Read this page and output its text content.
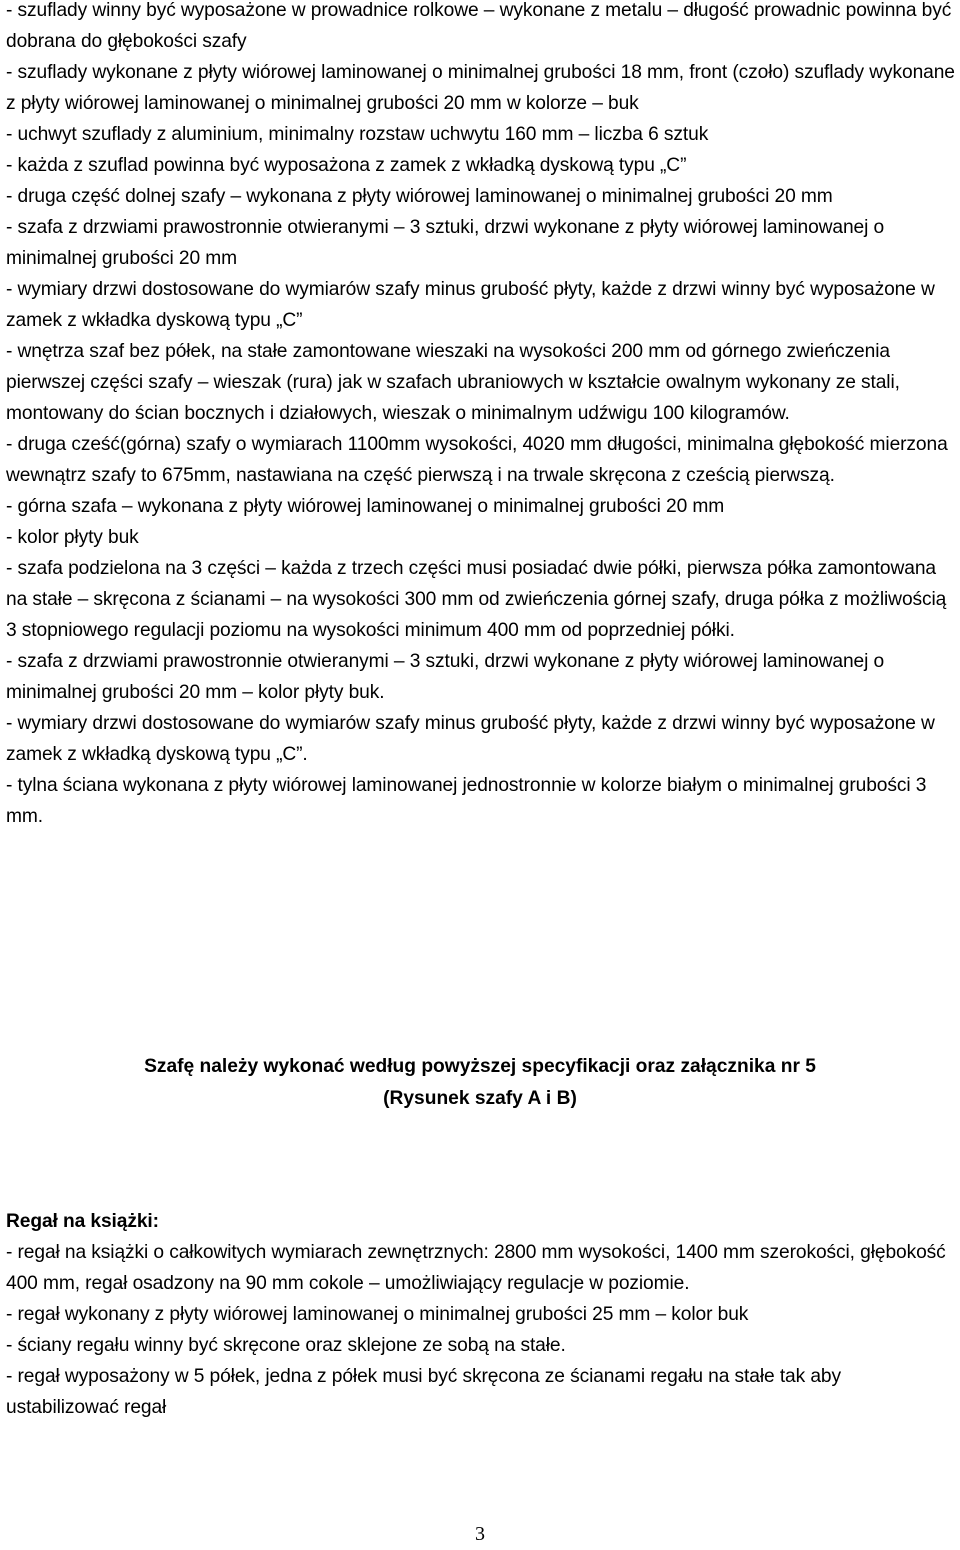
- szuflady winny być wyposażone w prowadnice rolkowe – wykonane z metalu – długość prowadnic powinna być dobrana do głębokości szafy

- szuflady wykonane z płyty wiórowej laminowanej o minimalnej grubości 18 mm, front (czoło) szuflady wykonane z płyty wiórowej laminowanej o minimalnej grubości 20 mm w kolorze – buk

- uchwyt szuflady z aluminium, minimalny rozstaw uchwytu 160 mm – liczba 6 sztuk

- każda z szuflad powinna być wyposażona z zamek z wkładką dyskową typu „C”

- druga część dolnej szafy – wykonana z płyty wiórowej laminowanej o minimalnej grubości 20 mm

- szafa z drzwiami prawostronnie otwieranymi – 3 sztuki, drzwi wykonane z płyty wiórowej laminowanej o minimalnej grubości 20 mm

- wymiary drzwi dostosowane do wymiarów szafy minus grubość płyty, każde z drzwi winny być wyposażone w zamek z wkładka dyskową typu „C”

- wnętrza szaf bez półek, na stałe zamontowane wieszaki na wysokości 200 mm od górnego zwieńczenia pierwszej części szafy – wieszak (rura) jak w szafach ubraniowych w kształcie owalnym wykonany ze stali, montowany do ścian bocznych i działowych, wieszak o minimalnym udźwigu 100 kilogramów.

- druga cześć(górna) szafy o wymiarach 1100mm wysokości, 4020 mm długości, minimalna głębokość mierzona wewnątrz szafy to 675mm, nastawiana na część pierwszą i na trwale skręcona z cześcią pierwszą.

- górna szafa – wykonana z płyty wiórowej laminowanej o minimalnej grubości 20 mm

- kolor płyty buk

- szafa podzielona na 3 części – każda z trzech części musi posiadać dwie półki, pierwsza półka zamontowana na stałe – skręcona z ścianami – na wysokości 300 mm od zwieńczenia górnej szafy, druga półka z możliwością 3 stopniowego regulacji poziomu na wysokości minimum 400 mm od poprzedniej półki.

- szafa z drzwiami prawostronnie otwieranymi – 3 sztuki, drzwi wykonane z płyty wiórowej laminowanej o minimalnej grubości 20 mm – kolor płyty buk.

- wymiary drzwi dostosowane do wymiarów szafy minus grubość płyty, każde z drzwi winny być wyposażone w zamek z wkładką dyskową typu „C”.

- tylna ściana wykonana z płyty wiórowej laminowanej jednostronnie w kolorze białym o minimalnej grubości 3 mm.

Szafę należy wykonać według powyższej specyfikacji oraz załącznika nr 5

(Rysunek szafy A i B)

Regał na książki:

- regał na książki o całkowitych wymiarach zewnętrznych: 2800 mm wysokości, 1400 mm szerokości, głębokość 400 mm, regał osadzony na 90 mm cokole – umożliwiający regulacje w poziomie.

- regał wykonany z płyty wiórowej laminowanej o minimalnej grubości 25 mm – kolor buk

- ściany regału winny być skręcone oraz sklejone ze sobą na stałe.

- regał wyposażony w 5 półek, jedna z półek musi być skręcona ze ścianami regału na stałe tak aby ustabilizować regał

3
